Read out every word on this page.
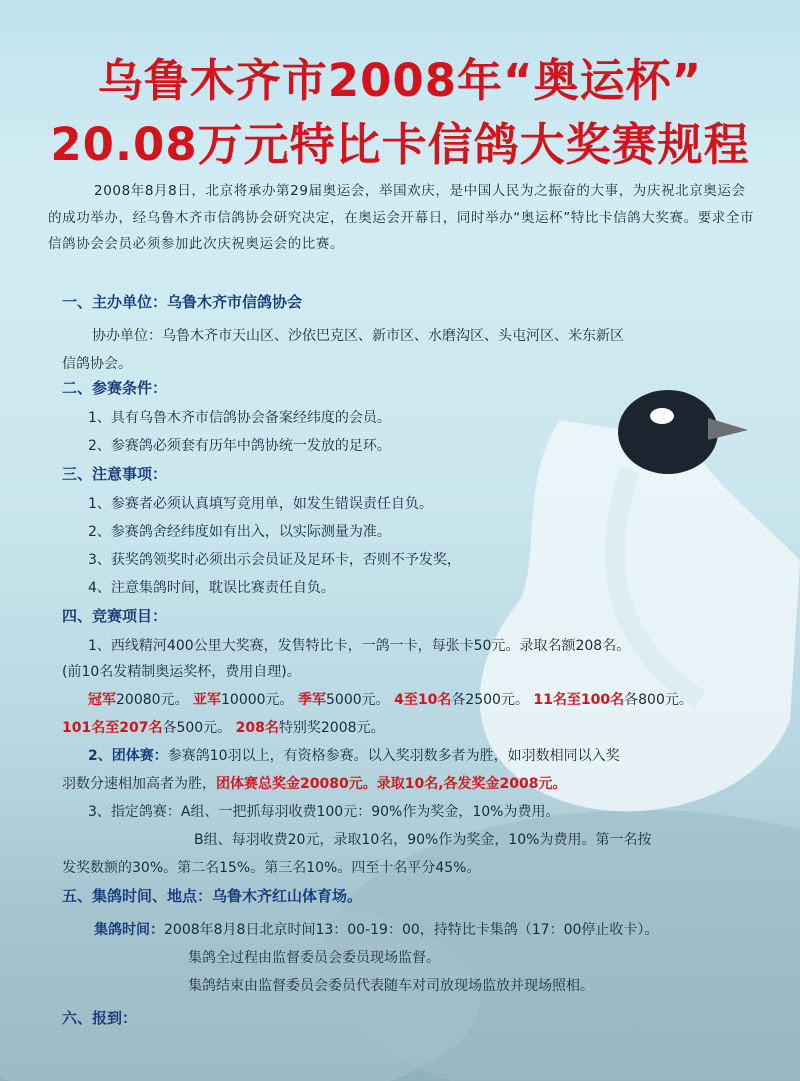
乌鲁木齐市2008年“奥运杯”
20.08万元特比卡信鸽大奖赛规程
2008年8月8日，北京将承办第29届奥运会，举国欢庆，是中国人民为之振奋的大事，为庆祝北京奥运会的成功举办，经乌鲁木齐市信鸽协会研究决定，在奥运会开幕日，同时举办“奥运杯”特比卡信鸽大奖赛。要求全市信鸽协会会员必须参加此次庆祝奥运会的比赛。
一、主办单位：乌鲁木齐市信鸽协会
协办单位：乌鲁木齐市天山区、沙依巴克区、新市区、水磨沟区、头屯河区、米东新区
信鸽协会。
二、参赛条件：
1、具有乌鲁木齐市信鸽协会备案经纬度的会员。
2、参赛鸽必须套有历年中鸽协统一发放的足环。
三、注意事项：
1、参赛者必须认真填写竞用单，如发生错误责任自负。
2、参赛鸽舍经纬度如有出入，以实际测量为准。
3、获奖鸽领奖时必须出示会员证及足环卡，否则不予发奖，
4、注意集鸽时间，耽误比赛责任自负。
四、竞赛项目：
1、西线精河400公里大奖赛，发售特比卡，一鸽一卡，每张卡50元。录取名额208名。
(前10名发精制奥运奖杯，费用自理)。
冠军20080元。 亚军10000元。 季军5000元。 4至10名各2500元。 11名至100名各800元。
101名至207名各500元。 208名特别奖2008元。
2、团体赛：参赛鸽10羽以上，有资格参赛。以入奖羽数多者为胜，如羽数相同以入奖
羽数分速相加高者为胜，团体赛总奖金20080元。录取10名,各发奖金2008元。
3、指定鸽赛：A组、一把抓每羽收费100元：90%作为奖金，10%为费用。
B组、每羽收费20元，录取10名，90%作为奖金，10%为费用。第一名按
发奖数额的30%。第二名15%。第三名10%。四至十名平分45%。
五、集鸽时间、地点：乌鲁木齐红山体育场。
集鸽时间：2008年8月8日北京时间13：00-19：00，持特比卡集鸽（17：00停止收卡）。
集鸽全过程由监督委员会委员现场监督。
集鸽结束由监督委员会委员代表随车对司放现场监放并现场照相。
六、报到：
